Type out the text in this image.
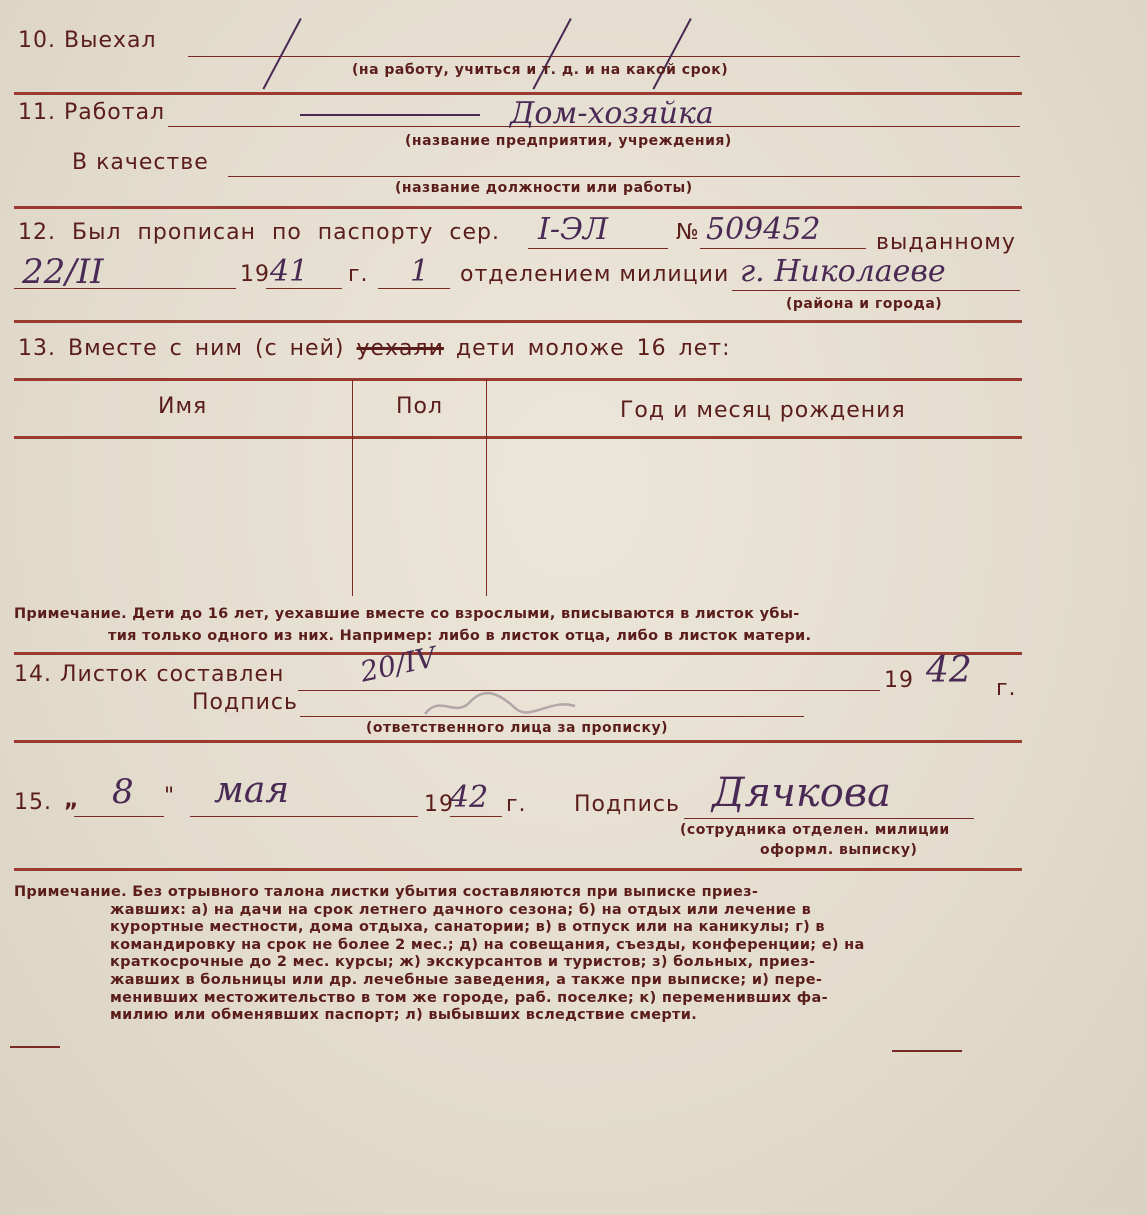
10. Выехал
(на работу, учиться и т. д. и на какой срок)
11. Работал	Дом-хозяйка
(название предприятия, учреждения)
В качестве
(название должности или работы)
12. Был прописан по паспорту сер. I-ЭЛ	№ 509452	выданному
22/II	19 41 г. 1 отделением милиции г. Николаеве
(района и города)
13. Вместе с ним (с ней) уехали дети моложе 16 лет:
Имя	Пол	Год и месяц рождения
Примечание. Дети до 16 лет, уехавшие вместе со взрослыми, вписываются в листок убы-
тия только одного из них. Например: либо в листок отца, либо в листок матери.
14. Листок составлен	20/IV	19 42 г.
Подпись
(ответственного лица за прописку)
15. „ 8 " мая	19
42 г. Подпись Дячкова
(сотрудника отделен. милиции
оформл. выписку)
Примечание. Без отрывного талона листки убытия составляются при выписке приез-
жавших: а) на дачи на срок летнего дачного сезона; б) на отдых или лечение в
курортные местности, дома отдыха, санатории; в) в отпуск или на каникулы; г) в
командировку на срок не более 2 мес.; д) на совещания, съезды, конференции; е) на
краткосрочные до 2 мес. курсы; ж) экскурсантов и туристов; з) больных, приез-
жавших в больницы или др. лечебные заведения, а также при выписке; и) пере-
менивших местожительство в том же городе, раб. поселке; к) переменивших фа-
милию или обменявших паспорт; л) выбывших вследствие смерти.
